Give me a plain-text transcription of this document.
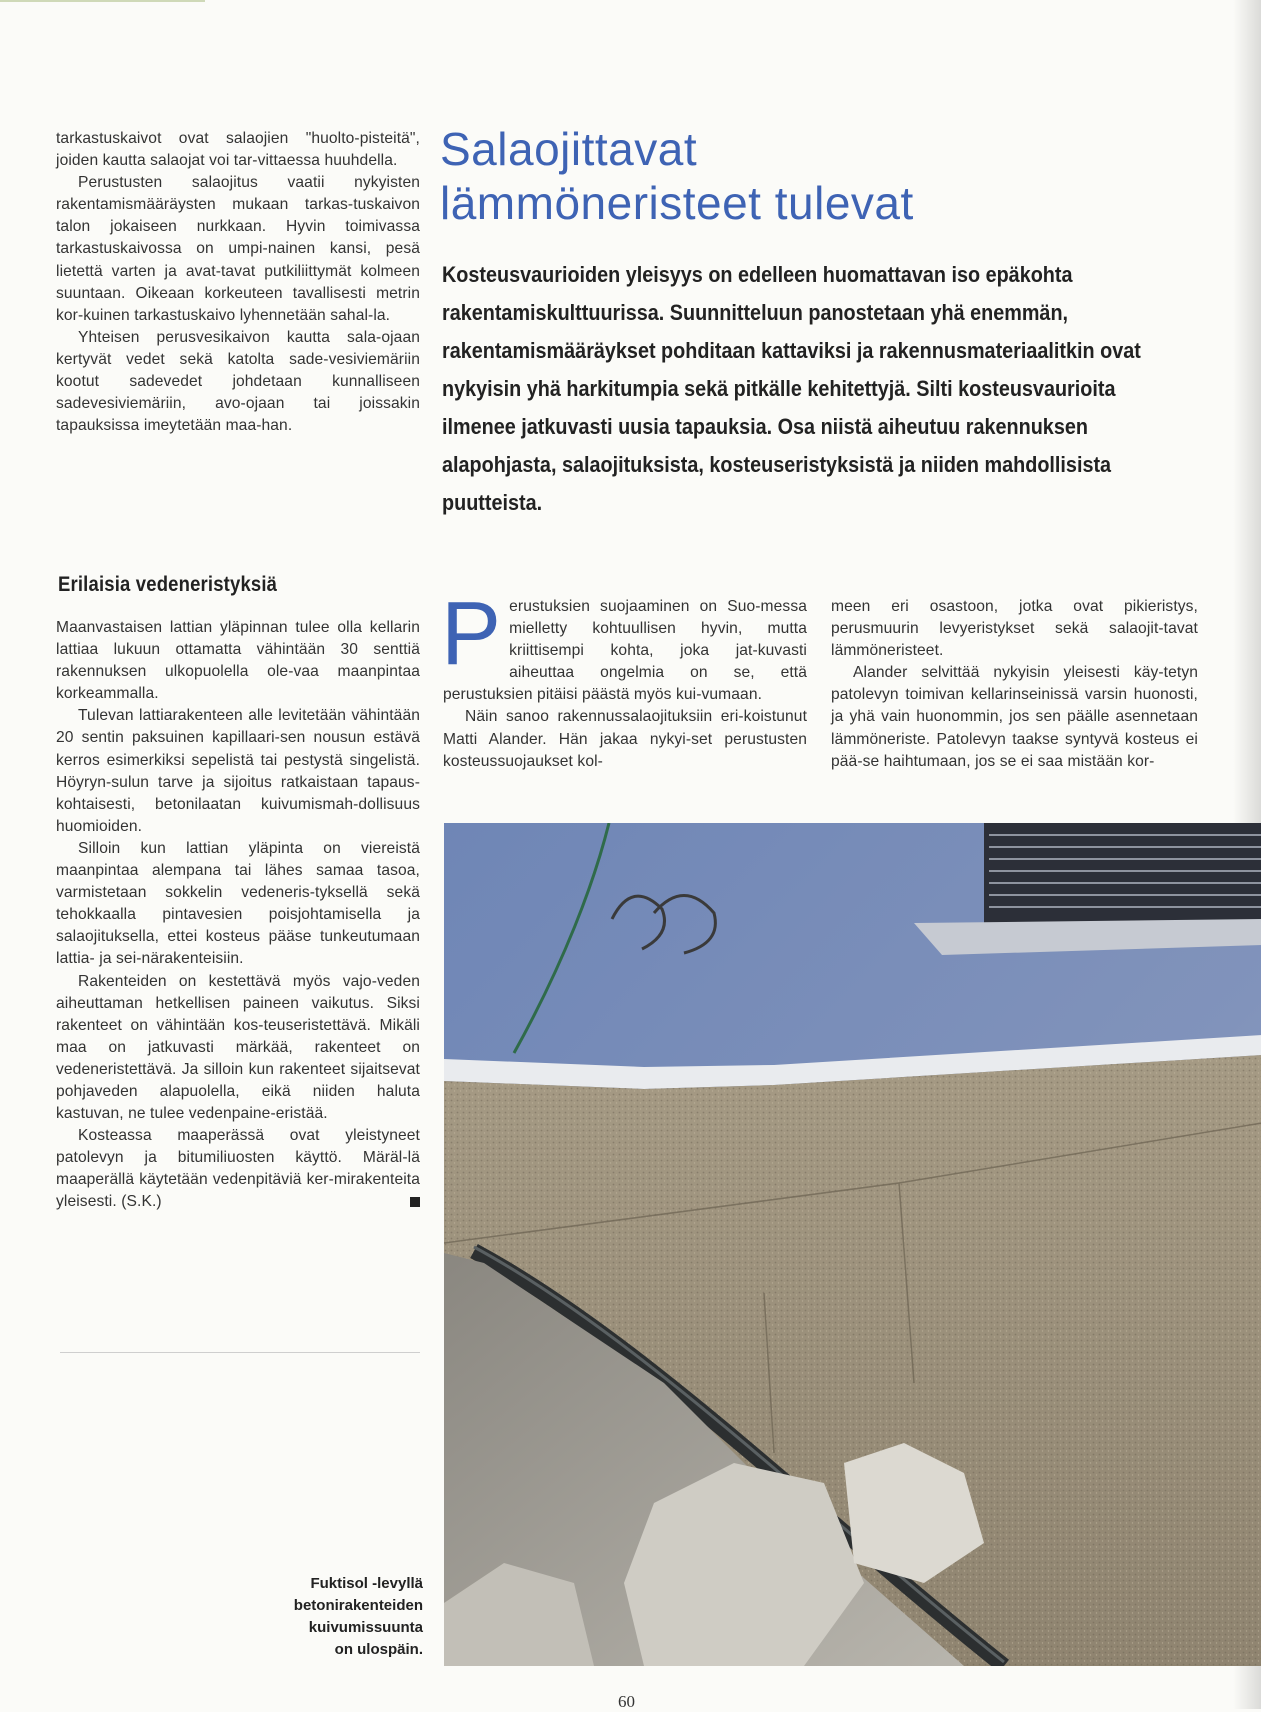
tarkastuskaivot ovat salaojien "huolto-pisteitä", joiden kautta salaojat voi tar-vittaessa huuhdella.

Perustusten salaojitus vaatii nykyisten rakentamismääräysten mukaan tarkas-tuskaivon talon jokaiseen nurkkaan. Hyvin toimivassa tarkastuskaivossa on umpi-nainen kansi, pesä lietettä varten ja avat-tavat putkiliittymät kolmeen suuntaan. Oikeaan korkeuteen tavallisesti metrin kor-kuinen tarkastuskaivo lyhennetään sahal-la.

Yhteisen perusvesikaivon kautta sala-ojaan kertyvät vedet sekä katolta sade-vesiviemäriin kootut sadevedet johdetaan kunnalliseen sadevesiviemäriin, avo-ojaan tai joissakin tapauksissa imeytetään maa-han.

Erilaisia vedeneristyksiä

Maanvastaisen lattian yläpinnan tulee olla kellarin lattiaa lukuun ottamatta vähintään 30 senttiä rakennuksen ulkopuolella ole-vaa maanpintaa korkeammalla.

Tulevan lattiarakenteen alle levitetään vähintään 20 sentin paksuinen kapillaari-sen nousun estävä kerros esimerkiksi sepelistä tai pestystä singelistä. Höyryn-sulun tarve ja sijoitus ratkaistaan tapaus-kohtaisesti, betonilaatan kuivumismah-dollisuus huomioiden.

Silloin kun lattian yläpinta on viereistä maanpintaa alempana tai lähes samaa tasoa, varmistetaan sokkelin vedeneris-tyksellä sekä tehokkaalla pintavesien poisjohtamisella ja salaojituksella, ettei kosteus pääse tunkeutumaan lattia- ja sei-närakenteisiin.

Rakenteiden on kestettävä myös vajo-veden aiheuttaman hetkellisen paineen vaikutus. Siksi rakenteet on vähintään kos-teuseristettävä. Mikäli maa on jatkuvasti märkää, rakenteet on vedeneristettävä. Ja silloin kun rakenteet sijaitsevat pohjaveden alapuolella, eikä niiden haluta kastuvan, ne tulee vedenpaine-eristää.

Kosteassa maaperässä ovat yleistyneet patolevyn ja bitumiliuosten käyttö. Märäl-lä maaperällä käytetään vedenpitäviä ker-mirakenteita yleisesti. (S.K.)

Salaojittavat
lämmöneristeet tulevat
Kosteusvaurioiden yleisyys on edelleen huomattavan iso epäkohta rakentamiskulttuurissa. Suunnitteluun panostetaan yhä enemmän, rakentamismääräykset pohditaan kattaviksi ja rakennusmateriaalitkin ovat nykyisin yhä harkitumpia sekä pitkälle kehitettyjä. Silti kosteusvaurioita ilmenee jatkuvasti uusia tapauksia. Osa niistä aiheutuu rakennuksen alapohjasta, salaojituksista, kosteuseristyksistä ja niiden mahdollisista puutteista.

Perustuksien suojaaminen on Suo-messa mielletty kohtuullisen hyvin, mutta kriittisempi kohta, joka jat-kuvasti aiheuttaa ongelmia on se, että perustuksien pitäisi päästä myös kui-vumaan.

Näin sanoo rakennussalaojituksiin eri-koistunut Matti Alander. Hän jakaa nykyi-set perustusten kosteussuojaukset kol-

meen eri osastoon, jotka ovat pikieristys, perusmuurin levyeristykset sekä salaojit-tavat lämmöneristeet.

Alander selvittää nykyisin yleisesti käy-tetyn patolevyn toimivan kellarinseinissä varsin huonosti, ja yhä vain huonommin, jos sen päälle asennetaan lämmöneriste. Patolevyn taakse syntyvä kosteus ei pää-se haihtumaan, jos se ei saa mistään kor-

Fuktisol -levyllä
betonirakenteiden
kuivumissuunta
on ulospäin.
60
